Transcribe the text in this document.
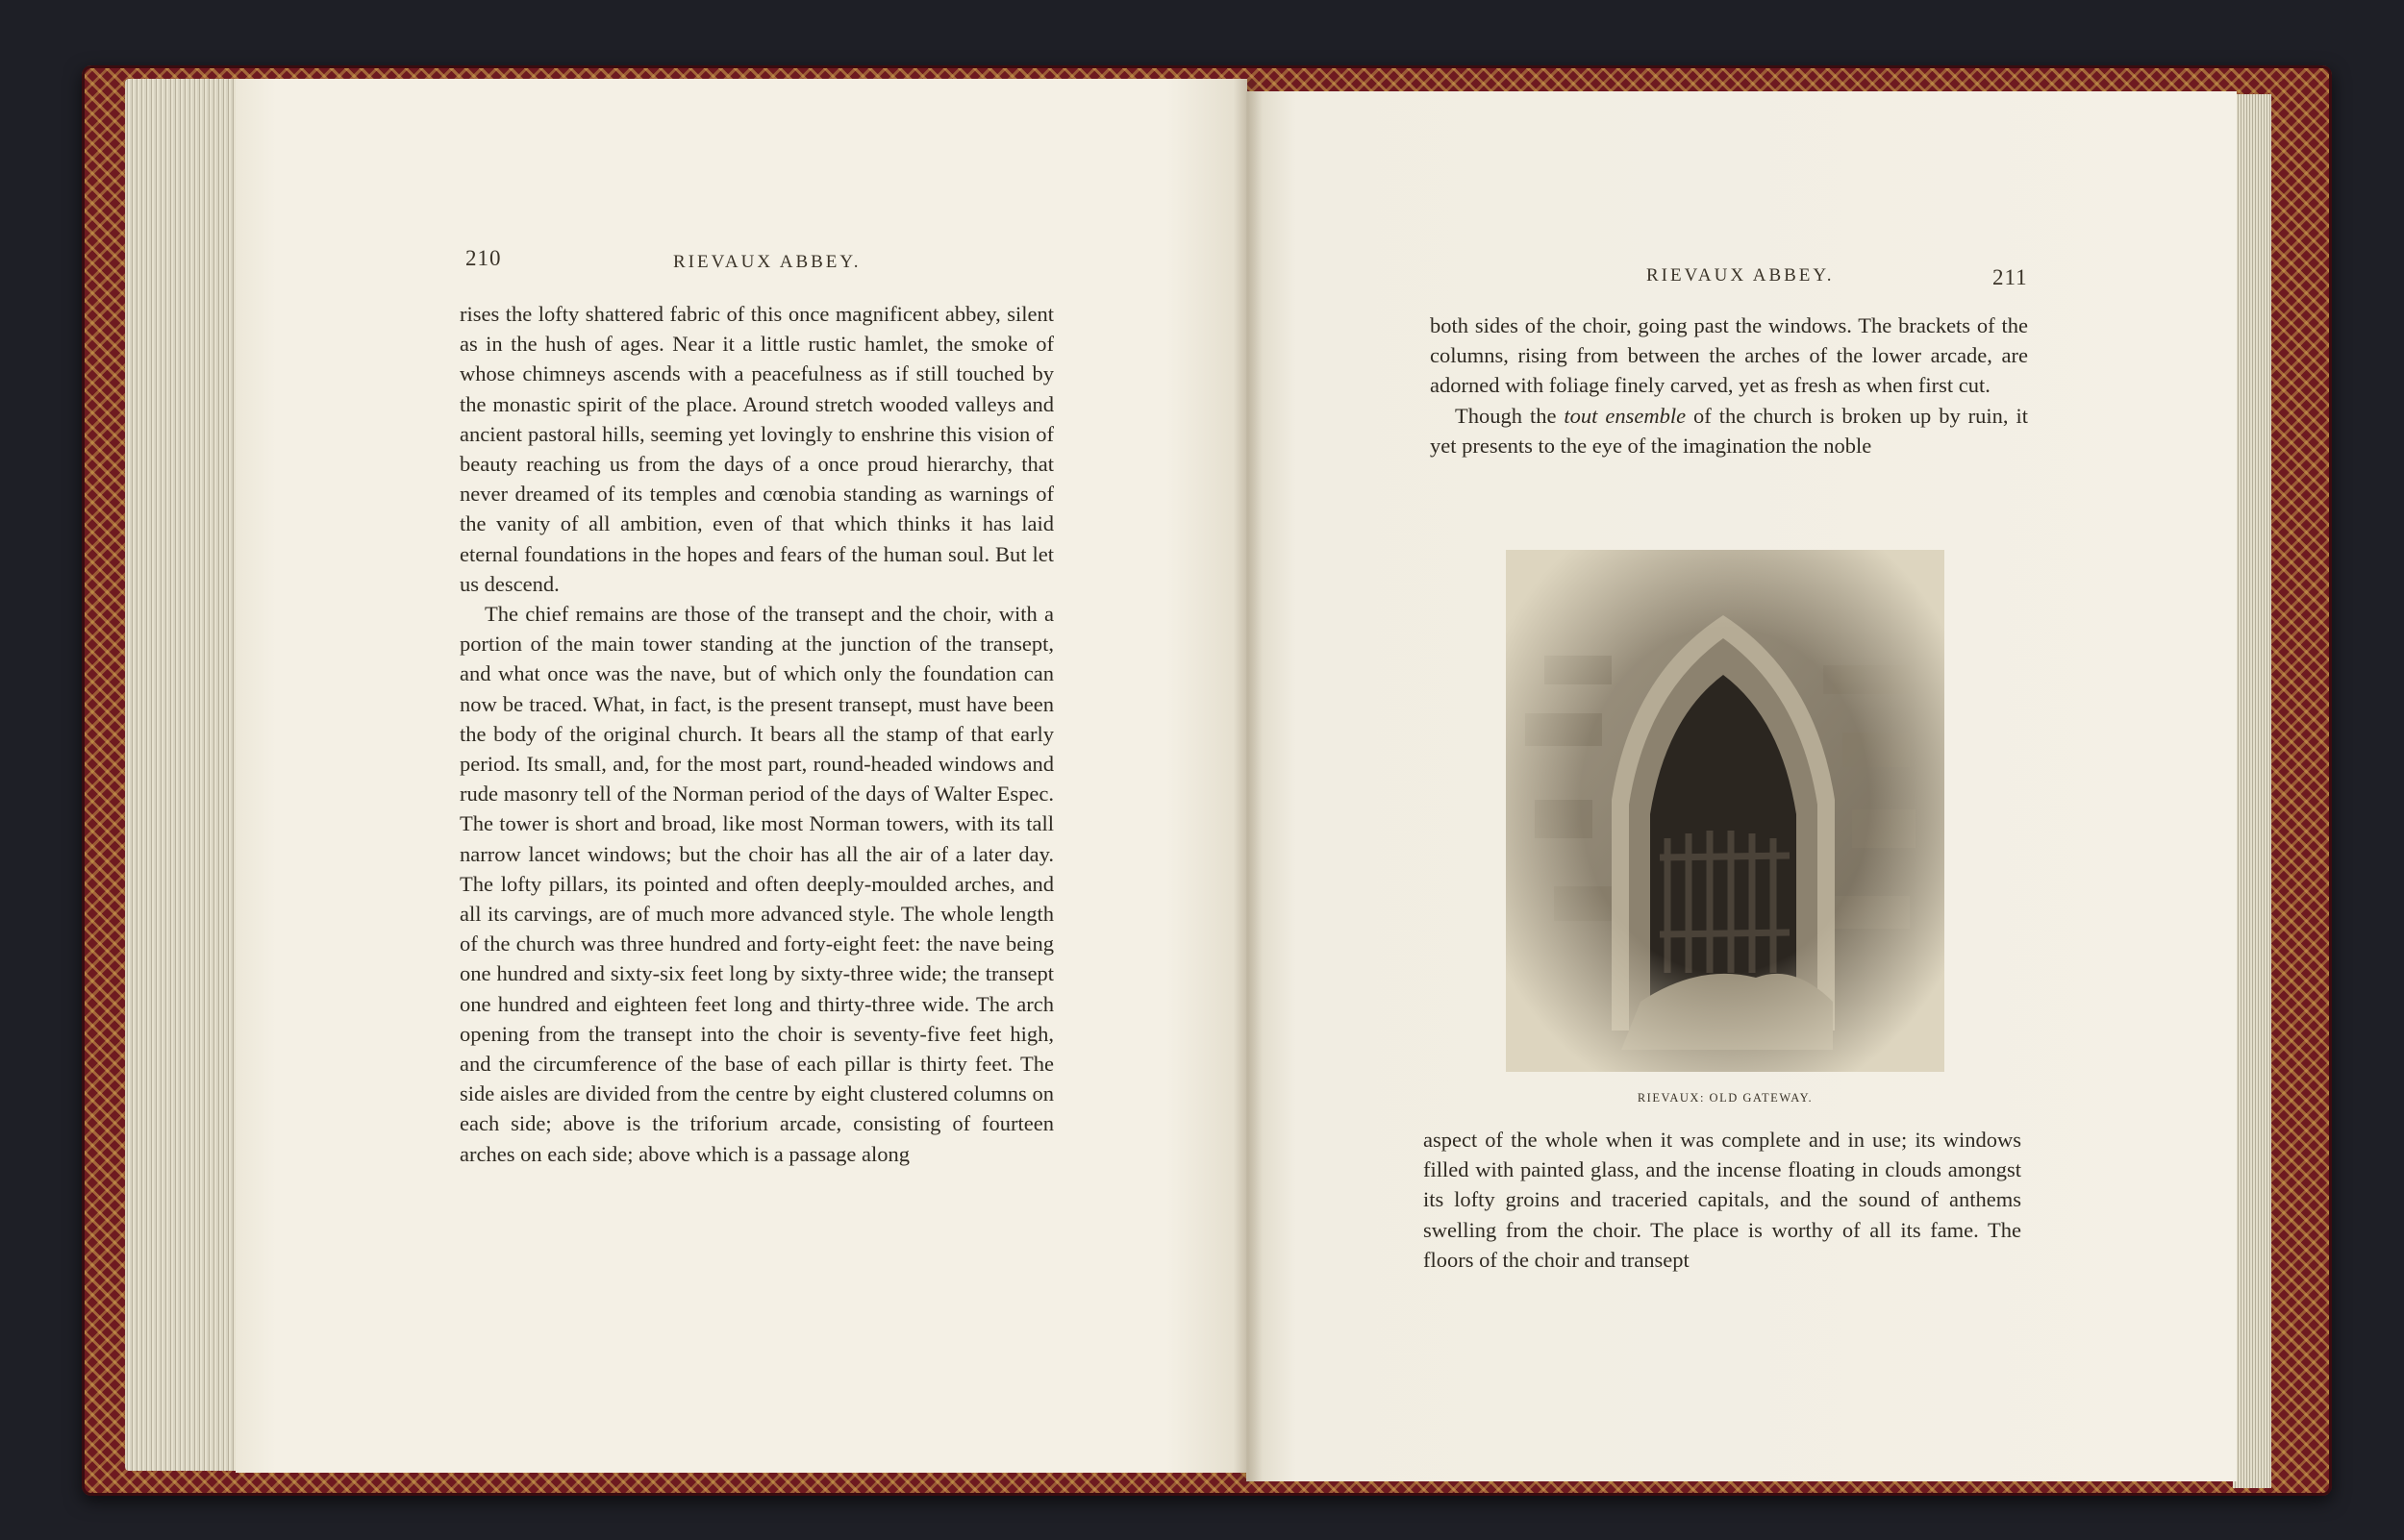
210	RIEVAUX ABBEY.

rises the lofty shattered fabric of this once magnificent abbey, silent as in the hush of ages. Near it a little rustic hamlet, the smoke of whose chimneys ascends with a peacefulness as if still touched by the monastic spirit of the place. Around stretch wooded valleys and ancient pastoral hills, seeming yet lovingly to enshrine this vision of beauty reaching us from the days of a once proud hierarchy, that never dreamed of its temples and cœnobia standing as warnings of the vanity of all ambition, even of that which thinks it has laid eternal foundations in the hopes and fears of the human soul. But let us descend.

The chief remains are those of the transept and the choir, with a portion of the main tower standing at the junction of the transept, and what once was the nave, but of which only the foundation can now be traced. What, in fact, is the present transept, must have been the body of the original church. It bears all the stamp of that early period. Its small, and, for the most part, round-headed windows and rude masonry tell of the Norman period of the days of Walter Espec. The tower is short and broad, like most Norman towers, with its tall narrow lancet windows; but the choir has all the air of a later day. The lofty pillars, its pointed and often deeply-moulded arches, and all its carvings, are of much more advanced style. The whole length of the church was three hundred and forty-eight feet: the nave being one hundred and sixty-six feet long by sixty-three wide; the transept one hundred and eighteen feet long and thirty-three wide. The arch opening from the transept into the choir is seventy-five feet high, and the circumference of the base of each pillar is thirty feet. The side aisles are divided from the centre by eight clustered columns on each side; above is the triforium arcade, consisting of fourteen arches on each side; above which is a passage along

RIEVAUX ABBEY.	211

both sides of the choir, going past the windows. The brackets of the columns, rising from between the arches of the lower arcade, are adorned with foliage finely carved, yet as fresh as when first cut.

Though the tout ensemble of the church is broken up by ruin, it yet presents to the eye of the imagination the noble

RIEVAUX: OLD GATEWAY.

aspect of the whole when it was complete and in use; its windows filled with painted glass, and the incense floating in clouds amongst its lofty groins and traceried capitals, and the sound of anthems swelling from the choir. The place is worthy of all its fame. The floors of the choir and transept
